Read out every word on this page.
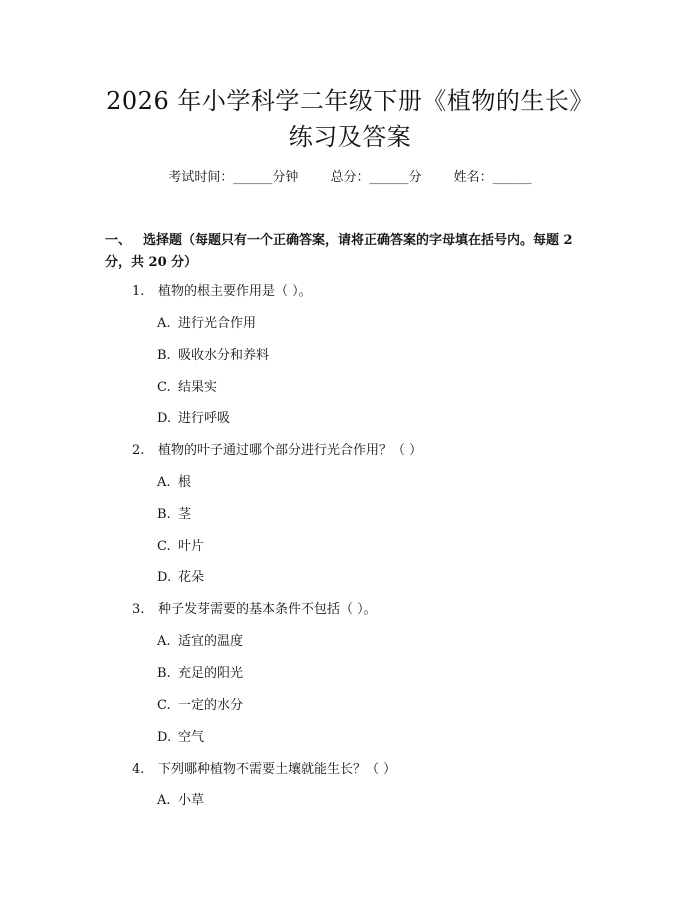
2026 年小学科学二年级下册《植物的生长》
练习及答案
考试时间：______分钟 总分：______分 姓名：______

一、 选择题（每题只有一个正确答案，请将正确答案的字母填在括号内。每题 2 分，共 20 分）

1. 植物的根主要作用是（ ）。
A. 进行光合作用
B. 吸收水分和养料
C. 结果实
D. 进行呼吸
2. 植物的叶子通过哪个部分进行光合作用？（ ）
A. 根
B. 茎
C. 叶片
D. 花朵
3. 种子发芽需要的基本条件不包括（ ）。
A. 适宜的温度
B. 充足的阳光
C. 一定的水分
D. 空气
4. 下列哪种植物不需要土壤就能生长？（ ）
A. 小草
